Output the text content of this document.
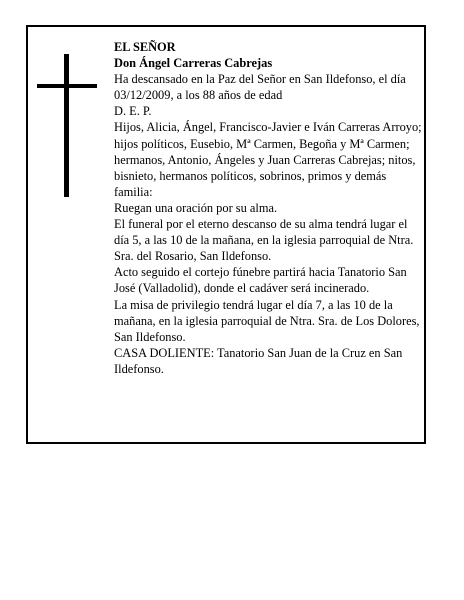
EL SEÑOR
Don Ángel Carreras Cabrejas
Ha descansado en la Paz del Señor en San Ildefonso, el día 03/12/2009, a los 88 años de edad
D. E. P.
Hijos, Alicia, Ángel, Francisco-Javier e Iván Carreras Arroyo; hijos políticos, Eusebio, Mª Carmen, Begoña y Mª Carmen; hermanos, Antonio, Ángeles y Juan Carreras Cabrejas; nitos, bisnieto, hermanos políticos, sobrinos, primos y demás familia:
Ruegan una oración por su alma.
El funeral por el eterno descanso de su alma tendrá lugar el día 5, a las 10 de la mañana, en la iglesia parroquial de Ntra. Sra. del Rosario, San Ildefonso.
Acto seguido el cortejo fúnebre partirá hacia Tanatorio San José (Valladolid), donde el cadáver será incinerado.
La misa de privilegio tendrá lugar el día 7, a las 10 de la mañana, en la iglesia parroquial de Ntra. Sra. de Los Dolores, San Ildefonso.
CASA DOLIENTE: Tanatorio San Juan de la Cruz en San Ildefonso.
